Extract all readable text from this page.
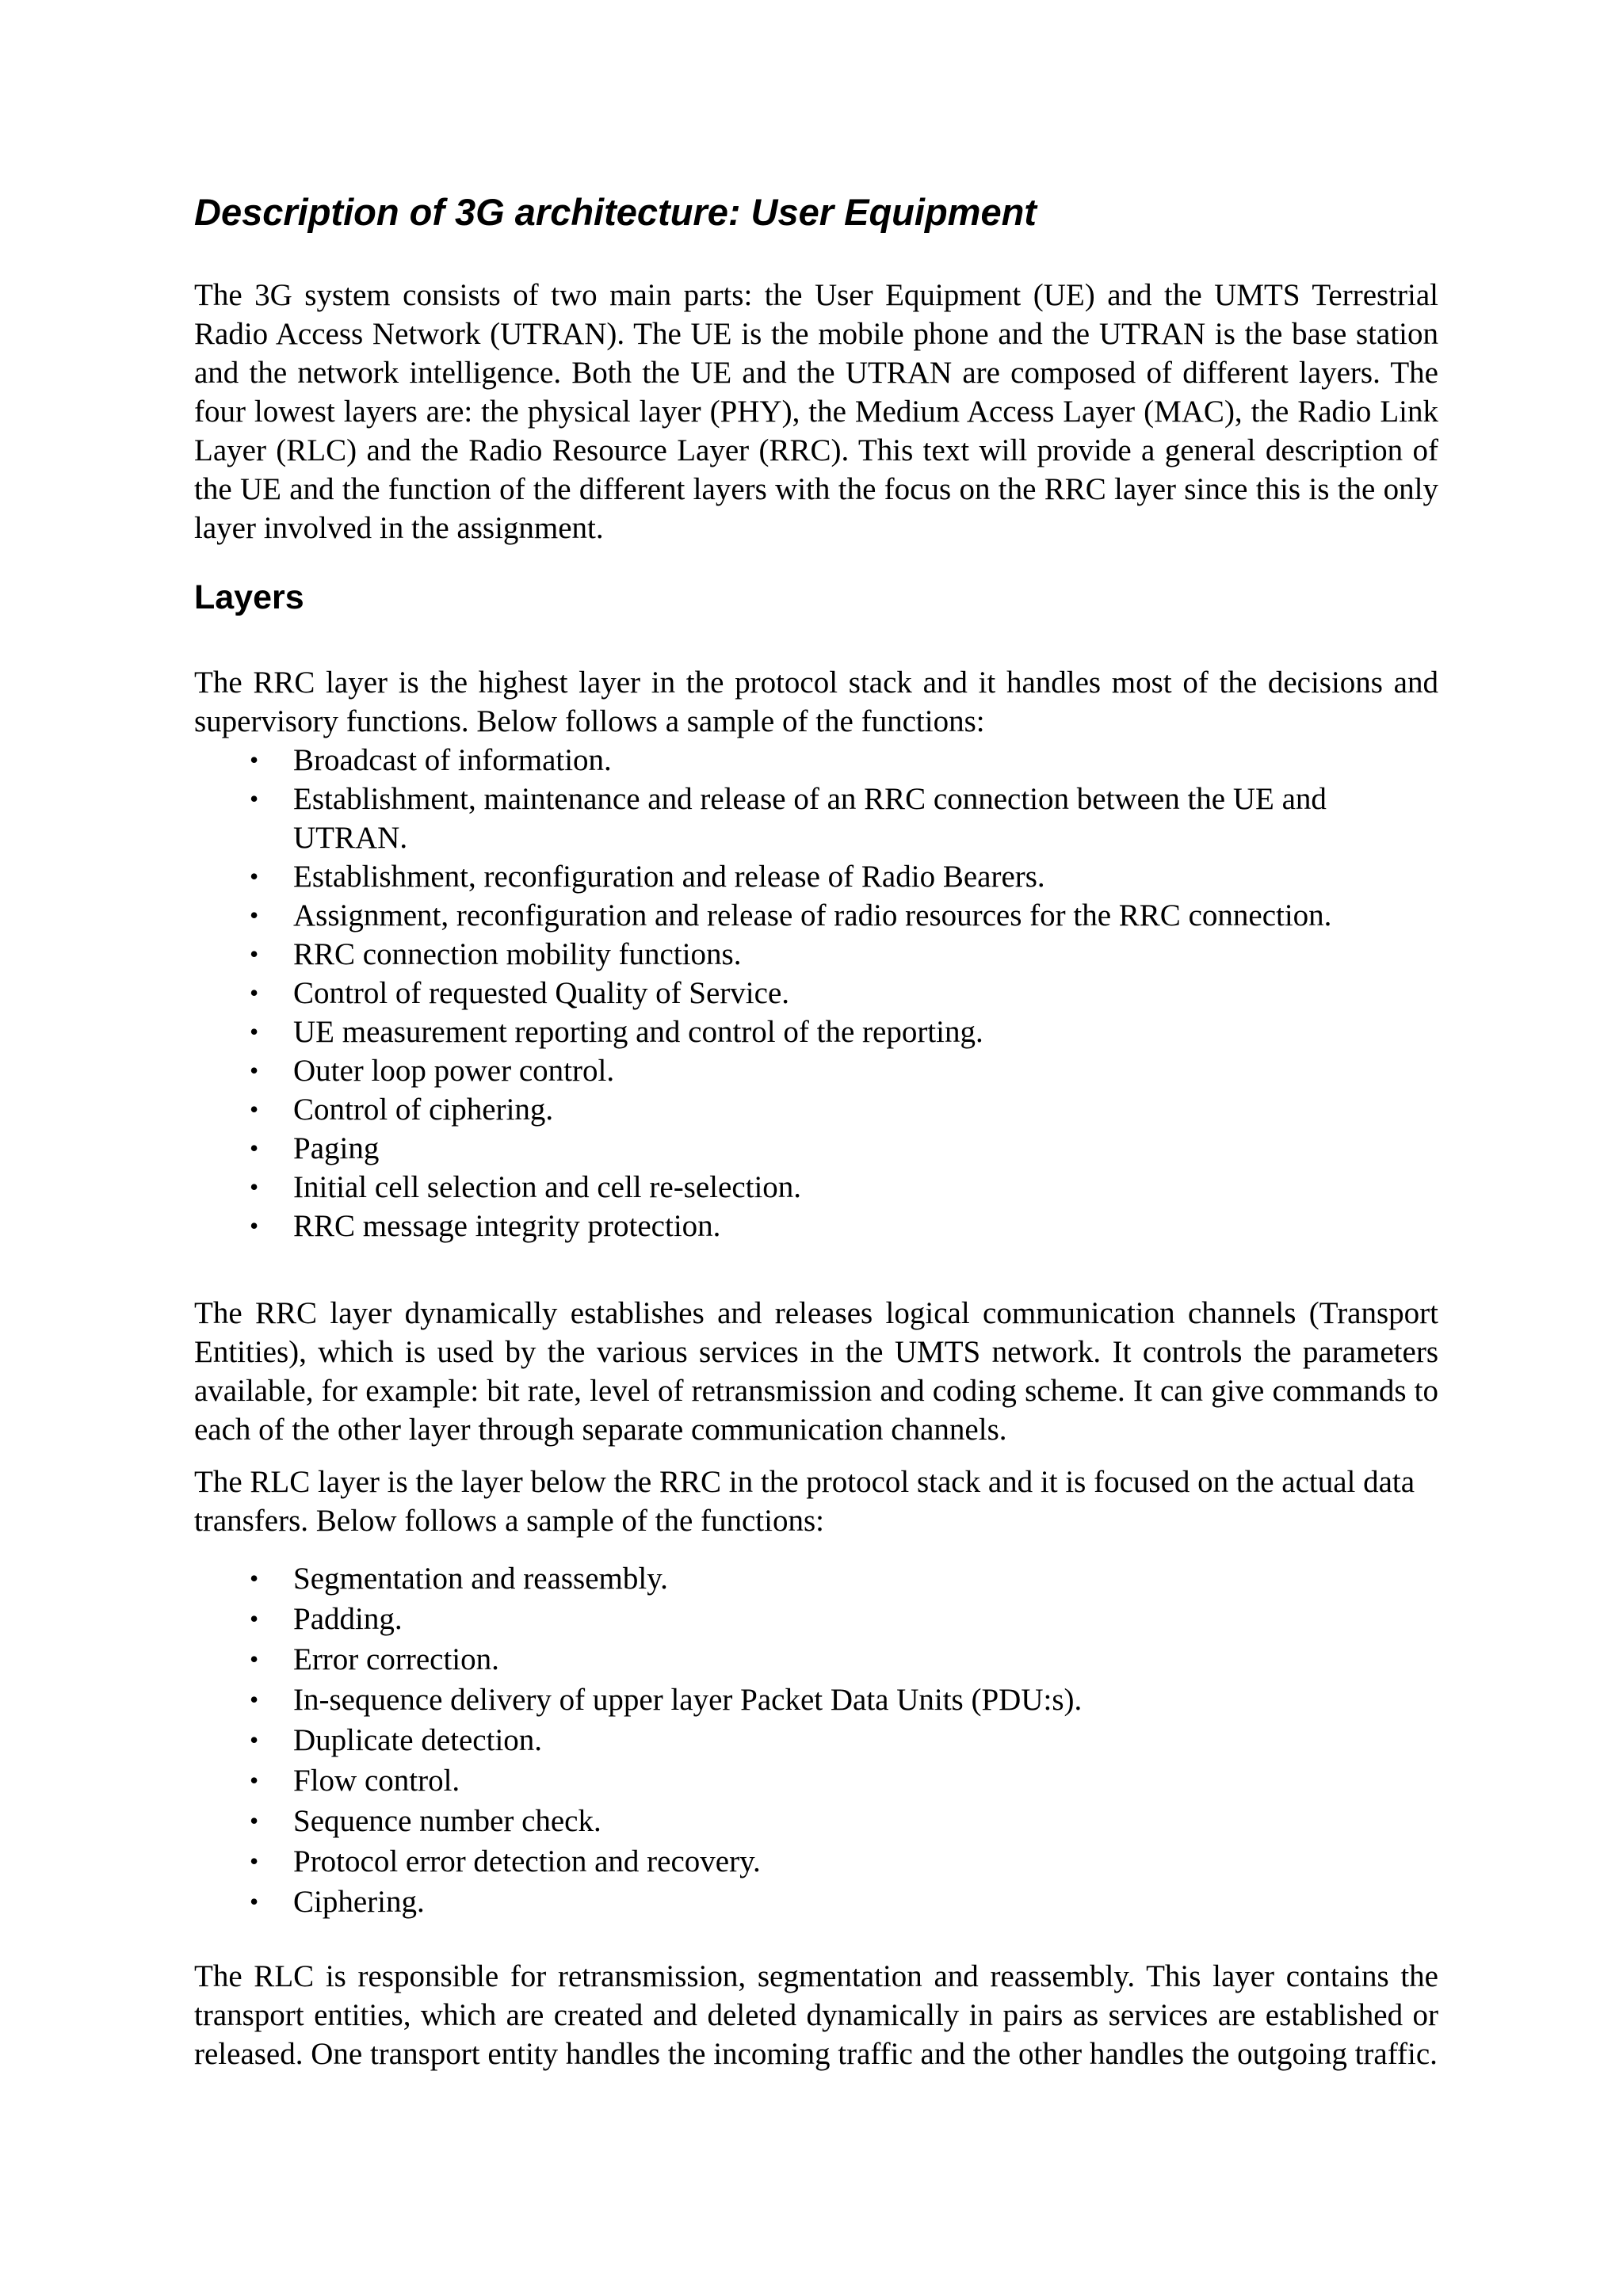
Description of 3G architecture: User Equipment

The 3G system consists of two main parts: the User Equipment (UE) and the UMTS Terrestrial Radio Access Network (UTRAN). The UE is the mobile phone and the UTRAN is the base station and the network intelligence. Both the UE and the UTRAN are composed of different layers. The four lowest layers are: the physical layer (PHY), the Medium Access Layer (MAC), the Radio Link Layer (RLC) and the Radio Resource Layer (RRC). This text will provide a general description of the UE and the function of the different layers with the focus on the RRC layer since this is the only layer involved in the assignment.

Layers

The RRC layer is the highest layer in the protocol stack and it handles most of the decisions and supervisory functions. Below follows a sample of the functions:

• Broadcast of information.
• Establishment, maintenance and release of an RRC connection between the UE and UTRAN.
• Establishment, reconfiguration and release of Radio Bearers.
• Assignment, reconfiguration and release of radio resources for the RRC connection.
• RRC connection mobility functions.
• Control of requested Quality of Service.
• UE measurement reporting and control of the reporting.
• Outer loop power control.
• Control of ciphering.
• Paging
• Initial cell selection and cell re-selection.
• RRC message integrity protection.

The RRC layer dynamically establishes and releases logical communication channels (Transport Entities), which is used by the various services in the UMTS network. It controls the parameters available, for example: bit rate, level of retransmission and coding scheme. It can give commands to each of the other layer through separate communication channels.

The RLC layer is the layer below the RRC in the protocol stack and it is focused on the actual data transfers. Below follows a sample of the functions:

• Segmentation and reassembly.
• Padding.
• Error correction.
• In-sequence delivery of upper layer Packet Data Units (PDU:s).
• Duplicate detection.
• Flow control.
• Sequence number check.
• Protocol error detection and recovery.
• Ciphering.

The RLC is responsible for retransmission, segmentation and reassembly. This layer contains the transport entities, which are created and deleted dynamically in pairs as services are established or released. One transport entity handles the incoming traffic and the other handles the outgoing traffic.
